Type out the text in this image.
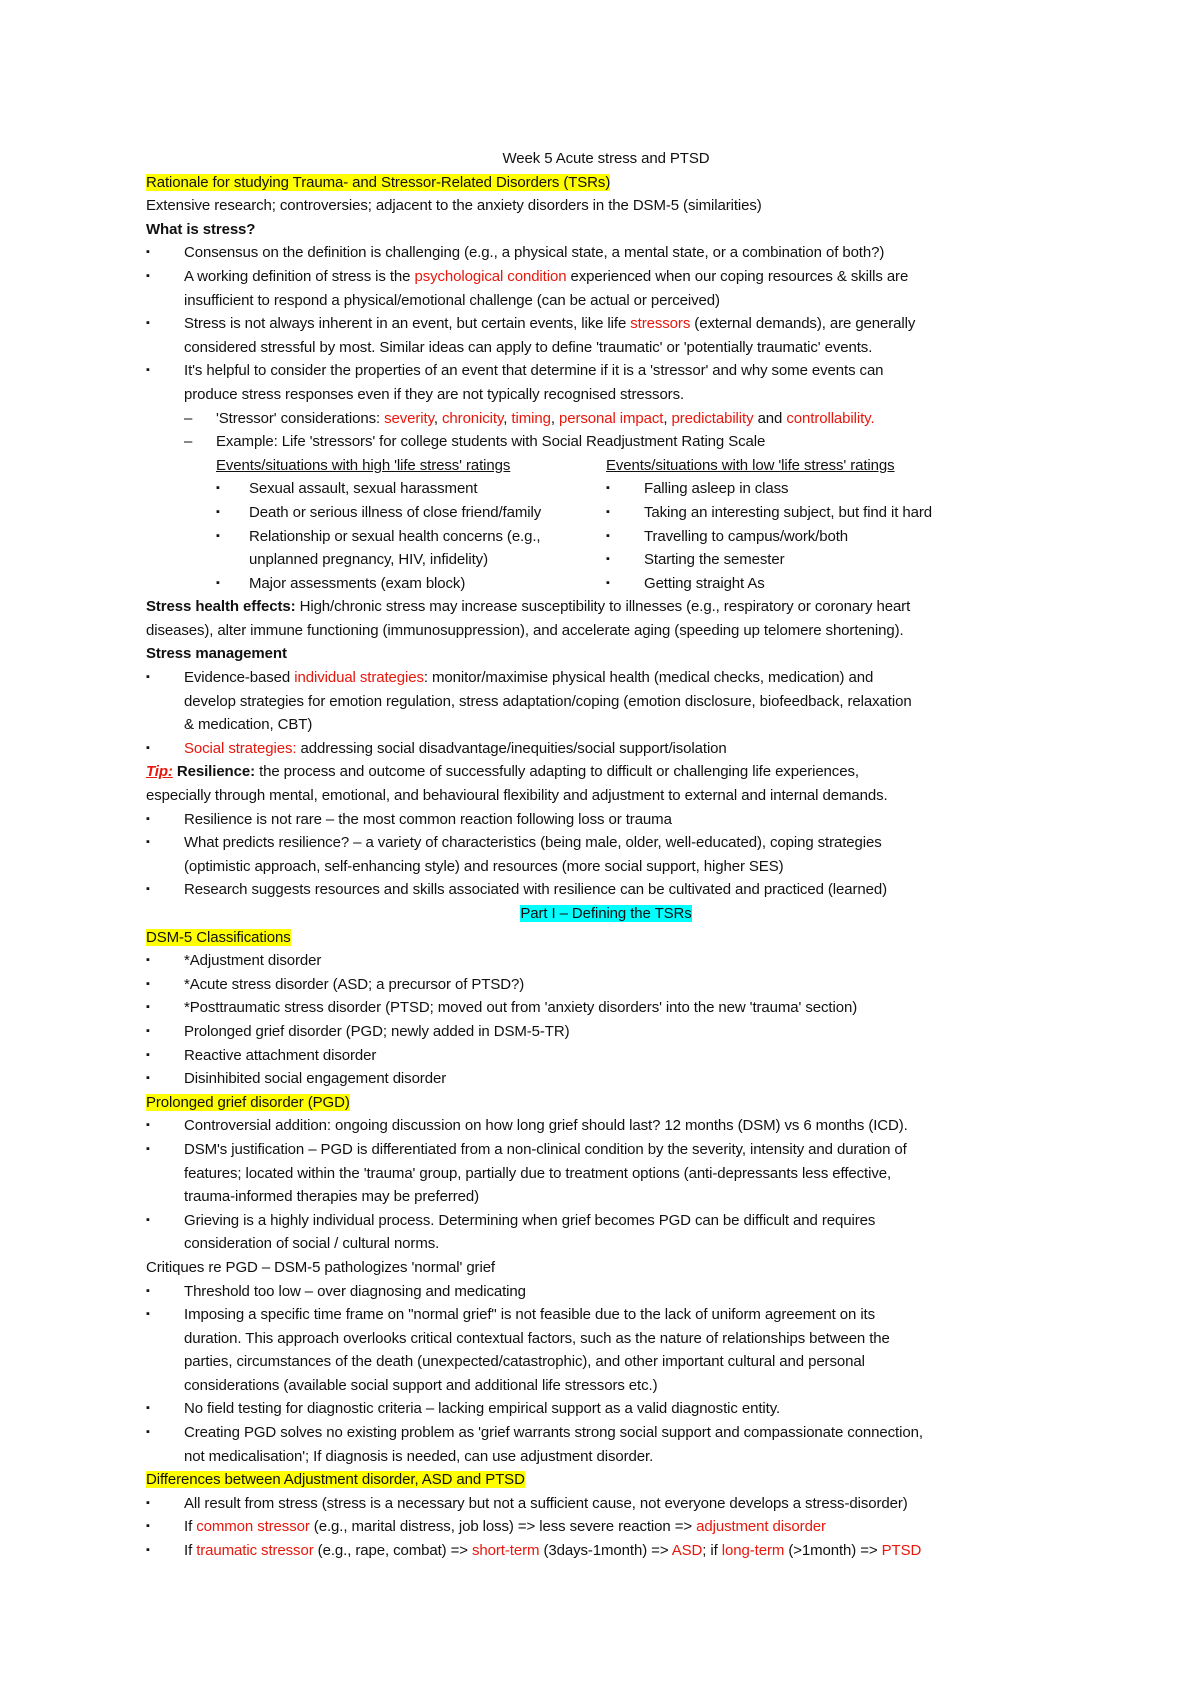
Week 5 Acute stress and PTSD
Rationale for studying Trauma- and Stressor-Related Disorders (TSRs)
Extensive research; controversies; adjacent to the anxiety disorders in the DSM-5 (similarities)
What is stress?
▪ Consensus on the definition is challenging (e.g., a physical state, a mental state, or a combination of both?)
▪ A working definition of stress is the psychological condition experienced when our coping resources & skills are
insufficient to respond a physical/emotional challenge (can be actual or perceived)
▪ Stress is not always inherent in an event, but certain events, like life stressors (external demands), are generally
considered stressful by most. Similar ideas can apply to define 'traumatic' or 'potentially traumatic' events.
▪ It's helpful to consider the properties of an event that determine if it is a 'stressor' and why some events can
produce stress responses even if they are not typically recognised stressors.
– 'Stressor' considerations: severity, chronicity, timing, personal impact, predictability and controllability.
– Example: Life 'stressors' for college students with Social Readjustment Rating Scale
Events/situations with high 'life stress' ratings
▪ Sexual assault, sexual harassment
▪ Death or serious illness of close friend/family
▪ Relationship or sexual health concerns (e.g.,
unplanned pregnancy, HIV, infidelity)
▪ Major assessments (exam block)
Events/situations with low 'life stress' ratings
▪ Falling asleep in class
▪ Taking an interesting subject, but find it hard
▪ Travelling to campus/work/both
▪ Starting the semester
▪ Getting straight As
Stress health effects: High/chronic stress may increase susceptibility to illnesses (e.g., respiratory or coronary heart
diseases), alter immune functioning (immunosuppression), and accelerate aging (speeding up telomere shortening).
Stress management
▪ Evidence-based individual strategies: monitor/maximise physical health (medical checks, medication) and
develop strategies for emotion regulation, stress adaptation/coping (emotion disclosure, biofeedback, relaxation
& medication, CBT)
▪ Social strategies: addressing social disadvantage/inequities/social support/isolation
Tip: Resilience: the process and outcome of successfully adapting to difficult or challenging life experiences,
especially through mental, emotional, and behavioural flexibility and adjustment to external and internal demands.
▪ Resilience is not rare – the most common reaction following loss or trauma
▪ What predicts resilience? – a variety of characteristics (being male, older, well-educated), coping strategies
(optimistic approach, self-enhancing style) and resources (more social support, higher SES)
▪ Research suggests resources and skills associated with resilience can be cultivated and practiced (learned)
Part I – Defining the TSRs
DSM-5 Classifications
▪ *Adjustment disorder
▪ *Acute stress disorder (ASD; a precursor of PTSD?)
▪ *Posttraumatic stress disorder (PTSD; moved out from 'anxiety disorders' into the new 'trauma' section)
▪ Prolonged grief disorder (PGD; newly added in DSM-5-TR)
▪ Reactive attachment disorder
▪ Disinhibited social engagement disorder
Prolonged grief disorder (PGD)
▪ Controversial addition: ongoing discussion on how long grief should last? 12 months (DSM) vs 6 months (ICD).
▪ DSM's justification – PGD is differentiated from a non-clinical condition by the severity, intensity and duration of
features; located within the 'trauma' group, partially due to treatment options (anti-depressants less effective,
trauma-informed therapies may be preferred)
▪ Grieving is a highly individual process. Determining when grief becomes PGD can be difficult and requires
consideration of social / cultural norms.
Critiques re PGD – DSM-5 pathologizes 'normal' grief
▪ Threshold too low – over diagnosing and medicating
▪ Imposing a specific time frame on "normal grief" is not feasible due to the lack of uniform agreement on its
duration. This approach overlooks critical contextual factors, such as the nature of relationships between the
parties, circumstances of the death (unexpected/catastrophic), and other important cultural and personal
considerations (available social support and additional life stressors etc.)
▪ No field testing for diagnostic criteria – lacking empirical support as a valid diagnostic entity.
▪ Creating PGD solves no existing problem as 'grief warrants strong social support and compassionate connection,
not medicalisation'; If diagnosis is needed, can use adjustment disorder.
Differences between Adjustment disorder, ASD and PTSD
▪ All result from stress (stress is a necessary but not a sufficient cause, not everyone develops a stress-disorder)
▪ If common stressor (e.g., marital distress, job loss) => less severe reaction => adjustment disorder
▪ If traumatic stressor (e.g., rape, combat) => short-term (3days-1month) => ASD; if long-term (>1month) => PTSD
